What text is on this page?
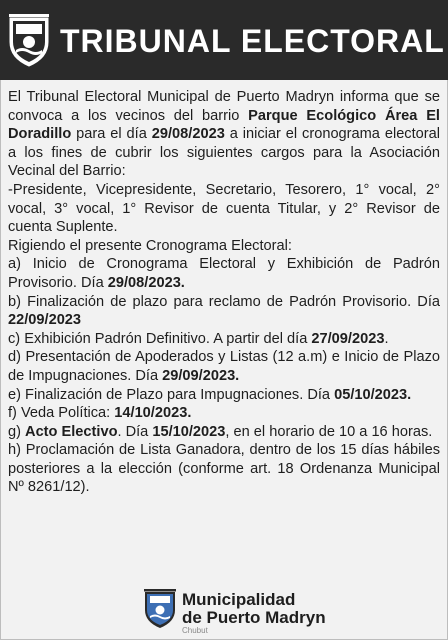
TRIBUNAL ELECTORAL

El Tribunal Electoral Municipal de Puerto Madryn informa que se convoca a los vecinos del barrio Parque Ecológico Área El Doradillo para el día 29/08/2023 a iniciar el cronograma electoral a los fines de cubrir los siguientes cargos para la Asociación Vecinal del Barrio:

-Presidente, Vicepresidente, Secretario, Tesorero, 1° vocal, 2° vocal, 3° vocal, 1° Revisor de cuenta Titular, y 2° Revisor de cuenta Suplente.

Rigiendo el presente Cronograma Electoral:

a) Inicio de Cronograma Electoral y Exhibición de Padrón Provisorio. Día 29/08/2023.

b) Finalización de plazo para reclamo de Padrón Provisorio. Día 22/09/2023

c) Exhibición Padrón Definitivo. A partir del día 27/09/2023.

d) Presentación de Apoderados y Listas (12 a.m) e Inicio de Plazo de Impugnaciones. Día 29/09/2023.

e) Finalización de Plazo para Impugnaciones. Día 05/10/2023.

f) Veda Política: 14/10/2023.

g) Acto Electivo. Día 15/10/2023, en el horario de 10 a 16 horas.

h) Proclamación de Lista Ganadora, dentro de los 15 días hábiles posteriores a la elección (conforme art. 18 Ordenanza Municipal Nº 8261/12).

Municipalidad
de Puerto Madryn
Chubut
